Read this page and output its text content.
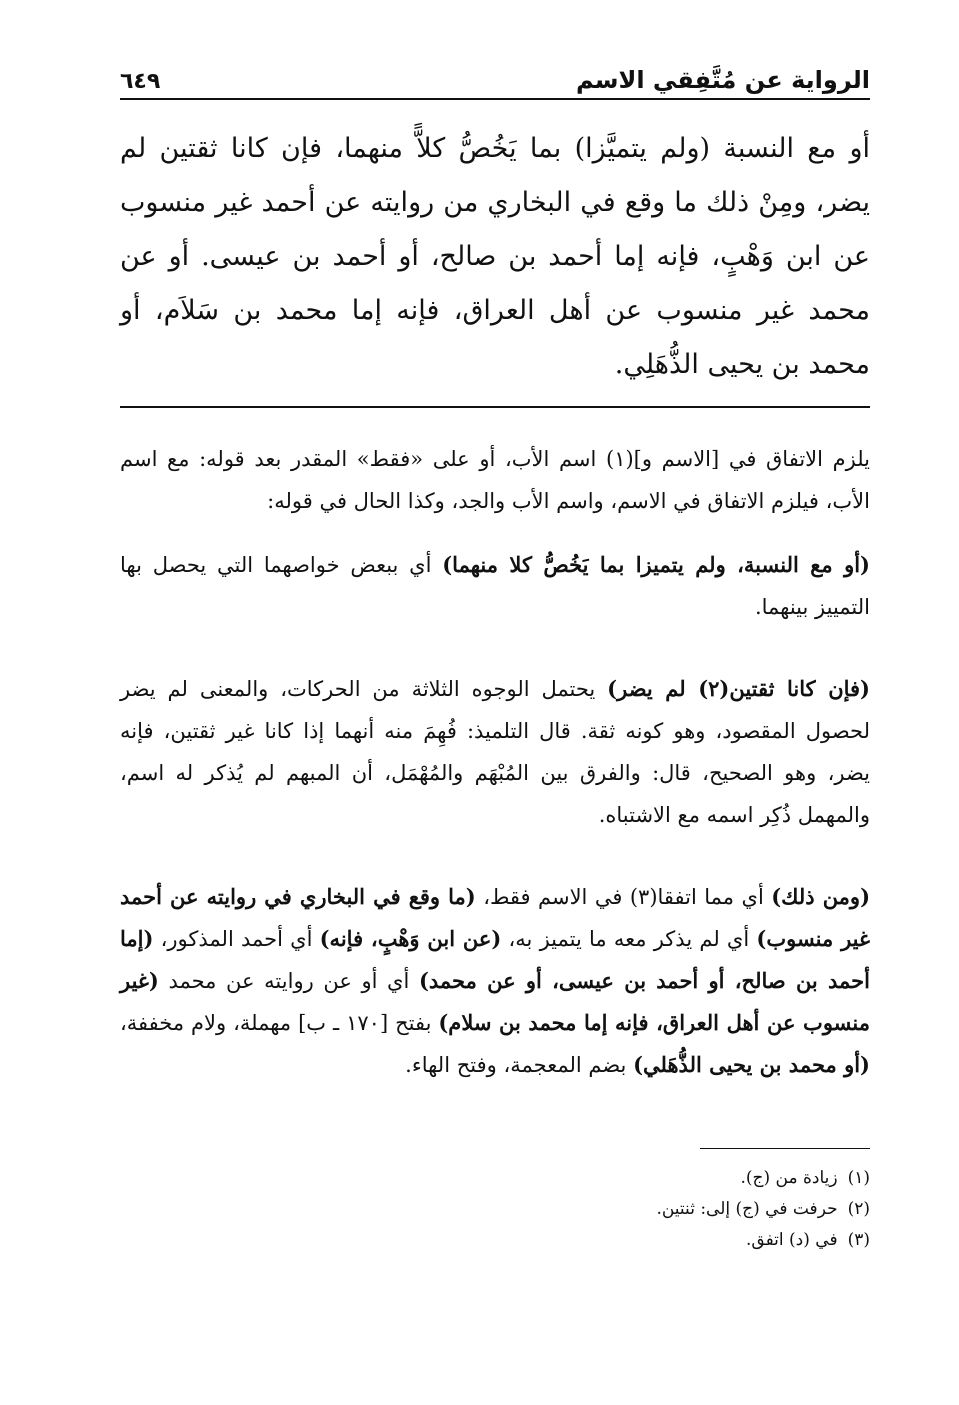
الرواية عن مُتَّفِقي الاسم
٦٤٩
أو مع النسبة (ولم يتميَّزا) بما يَخُصُّ كلاًّ منهما، فإن كانا ثقتين لم يضر، ومِنْ ذلك ما وقع في البخاري من روايته عن أحمد غير منسوب عن ابن وَهْبٍ، فإنه إما أحمد بن صالح، أو أحمد بن عيسى. أو عن محمد غير منسوب عن أهل العراق، فإنه إما محمد بن سَلاَم، أو محمد بن يحيى الذُّهَلِي.

يلزم الاتفاق في [الاسم و](١) اسم الأب، أو على «فقط» المقدر بعد قوله: مع اسم الأب، فيلزم الاتفاق في الاسم، واسم الأب والجد، وكذا الحال في قوله:

(أو مع النسبة، ولم يتميزا بما يَخُصُّ كلا منهما) أي ببعض خواصهما التي يحصل بها التمييز بينهما.

(فإن كانا ثقتين(٢) لم يضر) يحتمل الوجوه الثلاثة من الحركات، والمعنى لم يضر لحصول المقصود، وهو كونه ثقة. قال التلميذ: فُهِمَ منه أنهما إذا كانا غير ثقتين، فإنه يضر، وهو الصحيح، قال: والفرق بين المُبْهَم والمُهْمَل، أن المبهم لم يُذكر له اسم، والمهمل ذُكِر اسمه مع الاشتباه.

(ومن ذلك) أي مما اتفقا(٣) في الاسم فقط، (ما وقع في البخاري في روايته عن أحمد غير منسوب) أي لم يذكر معه ما يتميز به، (عن ابن وَهْبٍ، فإنه) أي أحمد المذكور، (إما أحمد بن صالح، أو أحمد بن عيسى، أو عن محمد) أي أو عن روايته عن محمد (غير منسوب عن أهل العراق، فإنه إما محمد بن سلام) بفتح [١٧٠ ـ ب] مهملة، ولام مخففة، (أو محمد بن يحيى الذُّهَلي) بضم المعجمة، وفتح الهاء.

(١)
زيادة من (ج).
(٢)
حرفت في (ج) إلى: ثنتين.
(٣)
في (د) اتفق.
